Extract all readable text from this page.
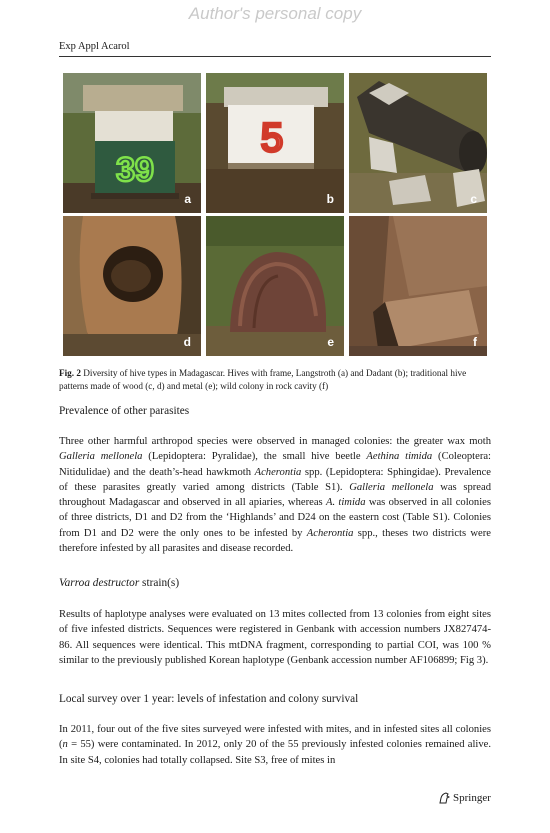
Author's personal copy
Exp Appl Acarol
39
a
5
b	c
d	e	f
Fig. 2 Diversity of hive types in Madagascar. Hives with frame, Langstroth (a) and Dadant (b); traditional hive patterns made of wood (c, d) and metal (e); wild colony in rock cavity (f)
Prevalence of other parasites
Three other harmful arthropod species were observed in managed colonies: the greater wax moth Galleria mellonela (Lepidoptera: Pyralidae), the small hive beetle Aethina timida (Coleoptera: Nitidulidae) and the death’s-head hawkmoth Acherontia spp. (Lepidoptera: Sphingidae). Prevalence of these parasites greatly varied among districts (Table S1). Galleria mellonela was spread throughout Madagascar and observed in all apiaries, whereas A. timida was observed in all colonies of three districts, D1 and D2 from the ‘Highlands’ and D24 on the eastern cost (Table S1). Colonies from D1 and D2 were the only ones to be infested by Acherontia spp., theses two districts were therefore infested by all parasites and disease recorded.
Varroa destructor strain(s)
Results of haplotype analyses were evaluated on 13 mites collected from 13 colonies from eight sites of five infested districts. Sequences were registered in Genbank with accession numbers JX827474-86. All sequences were identical. This mtDNA fragment, corresponding to partial COI, was 100 % similar to the previously published Korean haplotype (Genbank accession number AF106899; Fig 3).
Local survey over 1 year: levels of infestation and colony survival
In 2011, four out of the five sites surveyed were infested with mites, and in infested sites all colonies (n = 55) were contaminated. In 2012, only 20 of the 55 previously infested colonies remained alive. In site S4, colonies had totally collapsed. Site S3, free of mites in
Springer
